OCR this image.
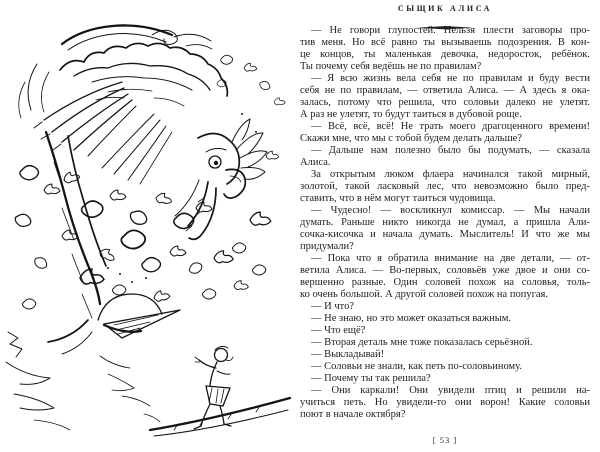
СЫЩИК АЛИСА
— Не говори глупостей. Нельзя плести заговоры про-
тив меня. Но всё равно ты вызываешь подозрения. В кон-
це концов, ты маленькая девочка, недоросток, ребёнок.
Ты почему себя ведёшь не по правилам?
— Я всю жизнь вела себя не по правилам и буду вести
себя не по правилам, — ответила Алиса. — А здесь я ока-
залась, потому что решила, что соловьи далеко не улетят.
А раз не улетят, то будут таиться в дубовой роще.
— Всё, всё, всё! Не трать моего драгоценного времени!
Скажи мне, что мы с тобой будем делать дальше?
— Дальше нам полезно было бы подумать, — сказала
Алиса.
За открытым люком флаера начинался такой мирный,
золотой, такой ласковый лес, что невозможно было пред-
ставить, что в нём могут таиться чудовища.
— Чудесно! — воскликнул комиссар. — Мы начали
думать. Раньше никто никогда не думал, а пришла Али-
сочка-кисочка и начала думать. Мыслитель! И что же мы
придумали?
— Пока что я обратила внимание на две детали, — от-
ветила Алиса. — Во-первых, соловьёв уже двое и они со-
вершенно разные. Один соловей похож на соловья, толь-
ко очень большой. А другой соловей похож на попугая.
— И что?
— Не знаю, но это может оказаться важным.
— Что ещё?
— Вторая деталь мне тоже показалась серьёзной.
— Выкладывай!
— Соловьи не знали, как петь по-соловьиному.
— Почему ты так решила?
— Они каркали! Они увидели птиц и решили на-
учиться петь. Но увидели-то они ворон! Какие соловьи
поют в начале октября?
[ 53 ]
